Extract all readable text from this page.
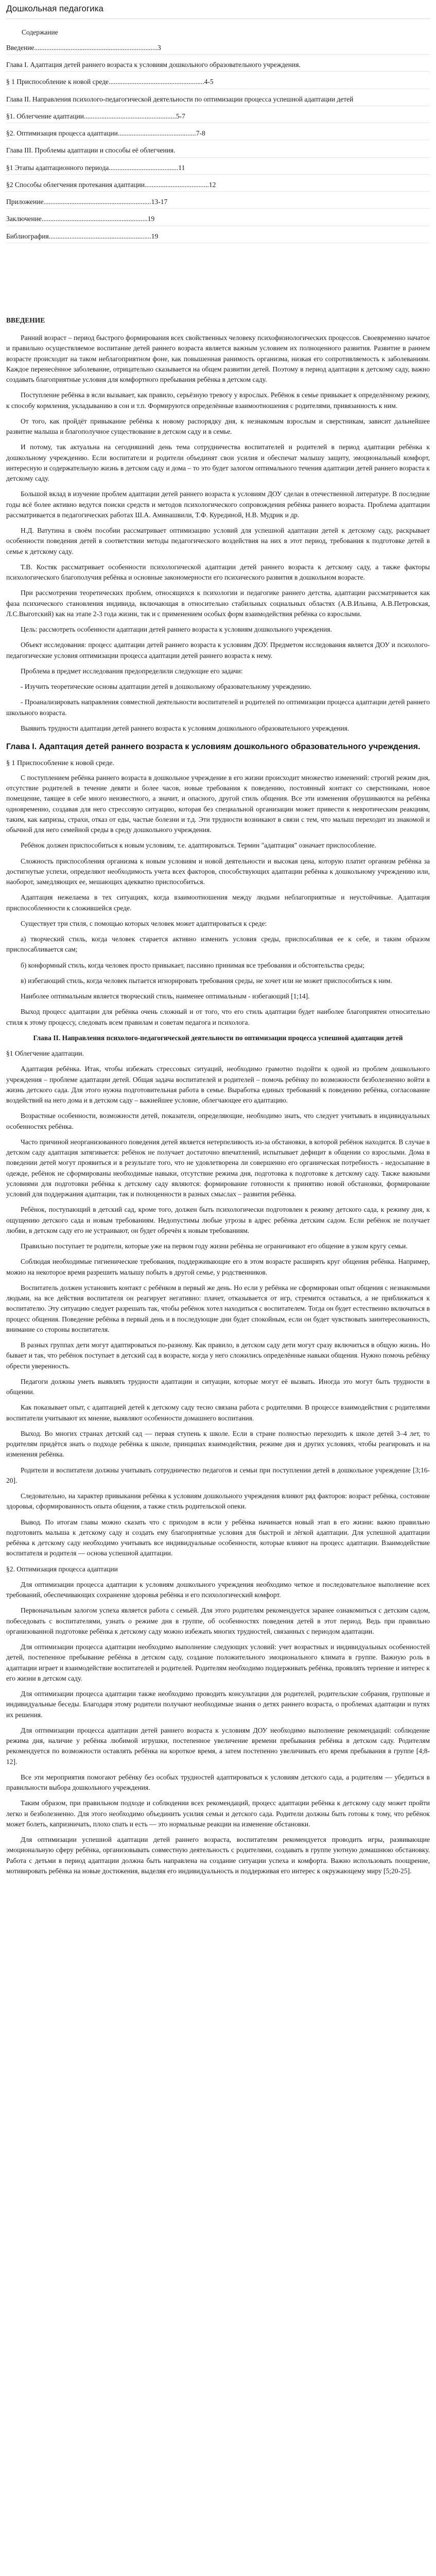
Дошкольная педагогика

Содержание

Введение.......................................................................3

Глава I. Адаптация детей раннего возраста к условиям дошкольного образовательного учреждения.

§ 1 Приспособление к новой среде.......................................................4-5

Глава II. Направления психолого-педагогической деятельности по оптимизации процесса успешной адаптации детей

§1. Облегчение адаптации.....................................................5-7

§2. Оптимизация процесса адаптации.............................................7-8

Глава III. Проблемы адаптации и способы её облегчения.

§1 Этапы адаптационного периода........................................11

§2 Способы облегчения протекания адаптации.....................................12

Приложение..............................................................13-17

Заключение.............................................................19

Библиография...........................................................19

ВВЕДЕНИЕ

Ранний возраст – период быстрого формирования всех свойственных человеку психофизиологических процессов. Своевременно начатое и правильно осуществляемое воспитание детей раннего возраста является важным условием их полноценного развития. Развитие в раннем возрасте происходит на таком неблагоприятном фоне, как повышенная ранимость организма, низкая его сопротивляемость к заболеваниям. Каждое перенесённое заболевание, отрицательно сказывается на общем развитии детей. Поэтому в период адаптации к детскому саду, важно создавать благоприятные условия для комфортного пребывания ребёнка в детском саду.

Поступление ребёнка в ясли вызывает, как правило, серьёзную тревогу у взрослых. Ребёнок в семье привыкает к определённому режиму, к способу кормления, укладыванию в сон и т.п. Формируются определённые взаимоотношения с родителями, привязанность к ним.

От того, как пройдёт привыкание ребёнка к новому распорядку дня, к незнакомым взрослым и сверстникам, зависит дальнейшее развитие малыша и благополучное существование в детском саду и в семье.

И потому, так актуальна на сегодняшний день тема сотрудничества воспитателей и родителей в период адаптации ребёнка к дошкольному учреждению. Если воспитатели и родители объединят свои усилия и обеспечат малышу защиту, эмоциональный комфорт, интересную и содержательную жизнь в детском саду и дома – то это будет залогом оптимального течения адаптации детей раннего возраста к детскому саду.

Большой вклад в изучение проблем адаптации детей раннего возраста к условиям ДОУ сделан в отечественной литературе. В последние годы всё более активно ведутся поиски средств и методов психологического сопровождения ребёнка раннего возраста. Проблема адаптации рассматривается в педагогических работах Ш.А. Аминашвили, Т.Ф. Курединой, Н.В. Мудрик и др.

Н.Д. Ватутина в своём пособии рассматривает оптимизацию условий для успешной адаптации детей к детскому саду, раскрывает особенности поведения детей в соответствии методы педагогического воздействия на них в этот период, требования к подготовке детей в семье к детскому саду.

Т.В. Костяк рассматривает особенности психологической адаптации детей раннего возраста к детскому саду, а также факторы психологического благополучия ребёнка и основные закономерности его психического развития в дошкольном возрасте.

При рассмотрении теоретических проблем, относящихся к психологии и педагогике раннего детства, адаптации рассматривается как фаза психического становления индивида, включающая в относительно стабильных социальных областях (А.В.Ильина, А.В.Петровская, Л.С.Выготский) как на этапе 2-3 года жизни, так и с применением особых форм взаимодействия ребёнка со взрослыми.

Цель: рассмотреть особенности адаптации детей раннего возраста к условиям дошкольного учреждения.

Объект исследования: процесс адаптации детей раннего возраста к условиям ДОУ. Предметом исследования является ДОУ и психолого-педагогические условия оптимизации процесса адаптации детей раннего возраста к нему.

Проблема в предмет исследования предопределили следующие его задачи:

- Изучить теоретические основы адаптации детей в дошкольному образовательному учреждению.

- Проанализировать направления совместной деятельности воспитателей и родителей по оптимизации процесса адаптации детей раннего школьного возраста.

Выявить трудности адаптации детей раннего возраста к условиям дошкольного образовательного учреждения.

Глава I. Адаптация детей раннего возраста к условиям дошкольного образовательного учреждения.
§ 1 Приспособление к новой среде.

С поступлением ребёнка раннего возраста в дошкольное учреждение в его жизни происходит множество изменений: строгий режим дня, отсутствие родителей в течение девяти и более часов, новые требования к поведению, постоянный контакт со сверстниками, новое помещение, таящее в себе много неизвестного, а значит, и опасного, другой стиль общения. Все эти изменения обрушиваются на ребёнка одновременно, создавая для него стрессовую ситуацию, которая без специальной организации может привести к невротическим реакциям, таким, как капризы, страхи, отказ от еды, частые болезни и т.д. Эти трудности возникают в связи с тем, что малыш переходит из знакомой и обычной для него семейной среды в среду дошкольного учреждения.

Ребёнок должен приспособиться к новым условиям, т.е. адаптироваться. Термин "адаптация" означает приспособление.

Сложность приспособления организма к новым условиям и новой деятельности и высокая цена, которую платит организм ребёнка за достигнутые успехи, определяют необходимость учета всех факторов, способствующих адаптации ребёнка к дошкольному учреждению или, наоборот, замедляющих ее, мешающих адекватно приспособиться.

Адаптация нежелаема в тех ситуациях, когда взаимоотношения между людьми неблагоприятные и неустойчивые. Адаптация приспособленности к сложившейся среде.

Существует три стиля, с помощью которых человек может адаптироваться к среде:

а) творческий стиль, когда человек старается активно изменить условия среды, приспосабливая ее к себе, и таким образом приспосабливается сам;

б) конформный стиль, когда человек просто привыкает, пассивно принимая все требования и обстоятельства среды;

в) избегающий стиль, когда человек пытается игнорировать требования среды, не хочет или не может приспособиться к ним.

Наиболее оптимальным является творческий стиль, наименее оптимальным - избегающий [1;14].

Выход процесс адаптации для ребёнка очень сложный и от того, что его стиль адаптации будет наиболее благоприятен относительно стиля к этому процессу, следовать всем правилам и советам педагога и психолога.

Глава II. Направления психолого-педагогической деятельности по оптимизации процесса успешной адаптации детей

§1 Облегчение адаптации.

Адаптация ребёнка. Итак, чтобы избежать стрессовых ситуаций, необходимо грамотно подойти к одной из проблем дошкольного учреждения – проблеме адаптации детей. Общая задача воспитателей и родителей – помочь ребёнку по возможности безболезненно войти в жизнь детского сада. Для этого нужна подготовительная работа в семье. Выработка единых требований к поведению ребёнка, согласование воздействий на него дома и в детском саду – важнейшее условие, облегчающее его адаптацию.

Возрастные особенности, возможности детей, показатели, определяющие, необходимо знать, что следует учитывать в индивидуальных особенностях ребёнка.

Часто причиной неорганизованного поведения детей является нетерпеливость из-за обстановки, в которой ребёнок находится. В случае в детском саду адаптация затягивается: ребёнок не получает достаточно впечатлений, испытывает дефицит в общении со взрослыми. Дома в поведении детей могут проявиться и в результате того, что не удовлетворена ли совершенно его органическая потребность - недосыпание в одежде, ребёнок не сформированы необходимые навыки, отсутствие режима дня, подготовка к подготовке к детскому саду. Также важными условиями для подготовки ребёнка к детскому саду являются: формирование готовности к принятию новой обстановки, формирование условий для поддержания адаптации, так и полноценности в разных смыслах – развития ребёнка.

Ребёнок, поступающий в детский сад, кроме того, должен быть психологически подготовлен к режиму детского сада, к режиму дня, к ощущению детского сада и новым требованиям. Недопустимы любые угрозы в адрес ребёнка детским садом. Если ребёнок не получает любви, в детском саду его не устраивают, он будет обречён к новым требованиям.

Правильно поступает те родители, которые уже на первом году жизни ребёнка не ограничивают его общение в узком кругу семьи.

Соблюдая необходимые гигиенические требования, поддерживающие его в этом возрасте расширять круг общения ребёнка. Например, можно на некоторое время разрешить малышу побыть в другой семье, у родственников.

Воспитатель должен установить контакт с ребёнком в первый же день. Но если у ребёнка не сформирован опыт общения с незнакомыми людьми, на все действия воспитателя он реагирует негативно: плачет, отказывается от игр, стремится оставаться, а не приближаться к воспитателю. Эту ситуацию следует разрешать так, чтобы ребёнок хотел находиться с воспитателем. Тогда он будет естественно включаться в процесс общения. Поведение ребёнка в первый день и в последующие дни будет спокойным, если он будет чувствовать заинтересованность, внимание со стороны воспитателя.

В разных группах дети могут адаптироваться по-разному. Как правило, в детском саду дети могут сразу включиться в общую жизнь. Но бывает и так, что ребёнок поступает в детский сад в возрасте, когда у него сложились определённые навыки общения. Нужно помочь ребёнку обрести уверенность.

Педагоги должны уметь выявлять трудности адаптации и ситуации, которые могут её вызвать. Иногда это могут быть трудности в общении.

Как показывает опыт, с адаптацией детей к детскому саду тесно связана работа с родителями. В процессе взаимодействия с родителями воспитатели учитывают их мнение, выявляют особенности домашнего воспитания.

Выход. Во многих странах детский сад — первая ступень к школе. Если в стране полностью переходить к школе детей 3–4 лет, то родителям придётся знать о подходе ребёнка к школе, принципах взаимодействия, режиме дня и других условиях, чтобы реагировать и на изменения ребёнка.

Родители и воспитатели должны учитывать сотрудничество педагогов и семьи при поступлении детей в дошкольное учреждение [3;16-20].

Следовательно, на характер привыкания ребёнка к условиям дошкольного учреждения влияют ряд факторов: возраст ребёнка, состояние здоровья, сформированность опыта общения, а также стиль родительской опеки.

Вывод. По итогам главы можно сказать что с приходом в ясли у ребёнка начинается новый этап в его жизни: важно правильно подготовить малыша к детскому саду и создать ему благоприятные условия для быстрой и лёгкой адаптации. Для успешной адаптации ребёнка к детскому саду необходимо учитывать все индивидуальные особенности, которые влияют на процесс адаптации. Взаимодействие воспитателя и родителя — основа успешной адаптации.

§2. Оптимизация процесса адаптации

Для оптимизации процесса адаптации к условиям дошкольного учреждения необходимо четкое и последовательное выполнение всех требований, обеспечивающих сохранение здоровья ребёнка и его психологический комфорт.

Первоначальным залогом успеха является работа с семьёй. Для этого родителям рекомендуется заранее ознакомиться с детским садом, побеседовать с воспитателями, узнать о режиме дня в группе, об особенностях поведения детей в этот период. Ведь при правильно организованной подготовке ребёнка к детскому саду можно избежать многих трудностей, связанных с периодом адаптации.

Для оптимизации процесса адаптации необходимо выполнение следующих условий: учет возрастных и индивидуальных особенностей детей, постепенное пребывание ребёнка в детском саду, создание положительного эмоционального климата в группе. Важную роль в адаптации играет и взаимодействие воспитателей и родителей. Родителям необходимо поддерживать ребёнка, проявлять терпение и интерес к его жизни в детском саду.

Для оптимизации процесса адаптации также необходимо проводить консультации для родителей, родительские собрания, групповые и индивидуальные беседы. Благодаря этому родители получают необходимые знания о детях раннего возраста, о проблемах адаптации и путях их решения.

Для оптимизации процесса адаптации детей раннего возраста к условиям ДОУ необходимо выполнение рекомендаций: соблюдение режима дня, наличие у ребёнка любимой игрушки, постепенное увеличение времени пребывания ребёнка в детском саду. Родителям рекомендуется по возможности оставлять ребёнка на короткое время, а затем постепенно увеличивать его время пребывания в группе [4;8-12].

Все эти мероприятия помогают ребёнку без особых трудностей адаптироваться к условиям детского сада, а родителям — убедиться в правильности выбора дошкольного учреждения.

Таким образом, при правильном подходе и соблюдении всех рекомендаций, процесс адаптации ребёнка к детскому саду может пройти легко и безболезненно. Для этого необходимо объединить усилия семьи и детского сада. Родители должны быть готовы к тому, что ребёнок может болеть, капризничать, плохо спать и есть — это нормальные реакции на изменение обстановки.

Для оптимизации успешной адаптации детей раннего возраста, воспитателям рекомендуется проводить игры, развивающие эмоциональную сферу ребёнка, организовывать совместную деятельность с родителями, создавать в группе уютную домашнюю обстановку. Работа с детьми в период адаптации должна быть направлена на создание ситуации успеха и комфорта. Важно использовать поощрение, мотивировать ребёнка на новые достижения, выделяя его индивидуальность и поддерживая его интерес к окружающему миру [5;20-25].
